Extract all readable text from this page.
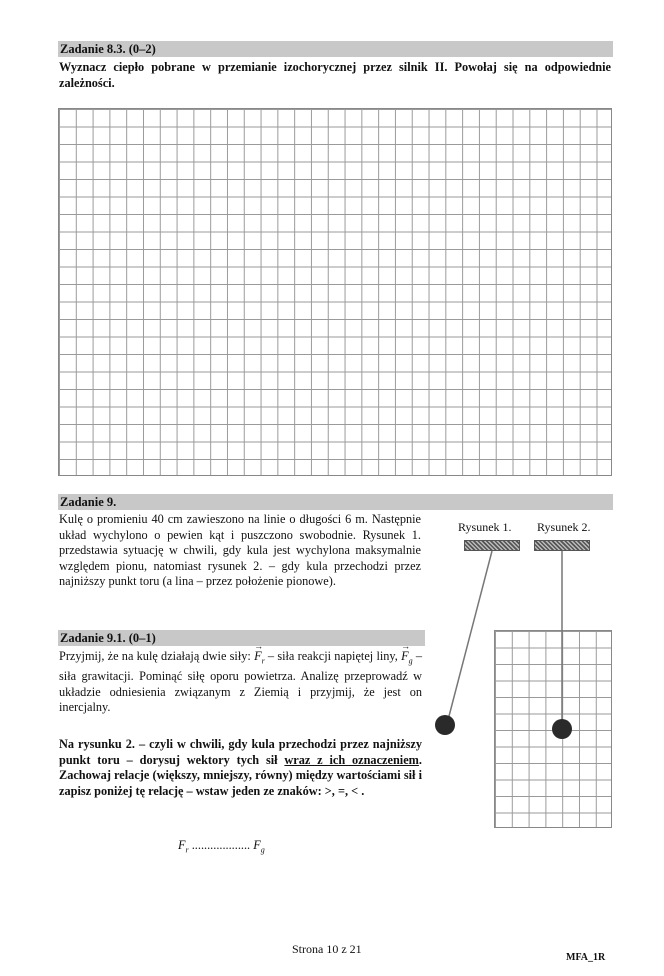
Zadanie 8.3. (0–2)
Wyznacz ciepło pobrane w przemianie izochorycznej przez silnik II. Powołaj się na odpowiednie zależności.
Zadanie 9.
Kulę o promieniu 40 cm zawieszono na linie o długości 6 m. Następnie układ wychylono o pewien kąt i puszczono swobodnie. Rysunek 1. przedstawia sytuację w chwili, gdy kula jest wychylona maksymalnie względem pionu, natomiast rysunek 2. – gdy kula przechodzi przez najniższy punkt toru (a lina – przez położenie pionowe).
Zadanie 9.1. (0–1)
Przyjmij, że na kulę działają dwie siły: → $F_r$ – siła reakcji napiętej liny, → $F_g$ – siła grawitacji. Pominąć siłę oporu powietrza. Analizę przeprowadź w układzie odniesienia związanym z Ziemią i przyjmij, że jest on inercjalny.
Na rysunku 2. – czyli w chwili, gdy kula przechodzi przez najniższy punkt toru – dorysuj wektory tych sił wraz z ich oznaczeniem. Zachowaj relacje (większy, mniejszy, równy) między wartościami sił i zapisz poniżej tę relację – wstaw jeden ze znaków: >, =, < .
$F_r$ ................... $F_g$
Rysunek 1. Rysunek 2.
Strona 10 z 21
MFA_1R
